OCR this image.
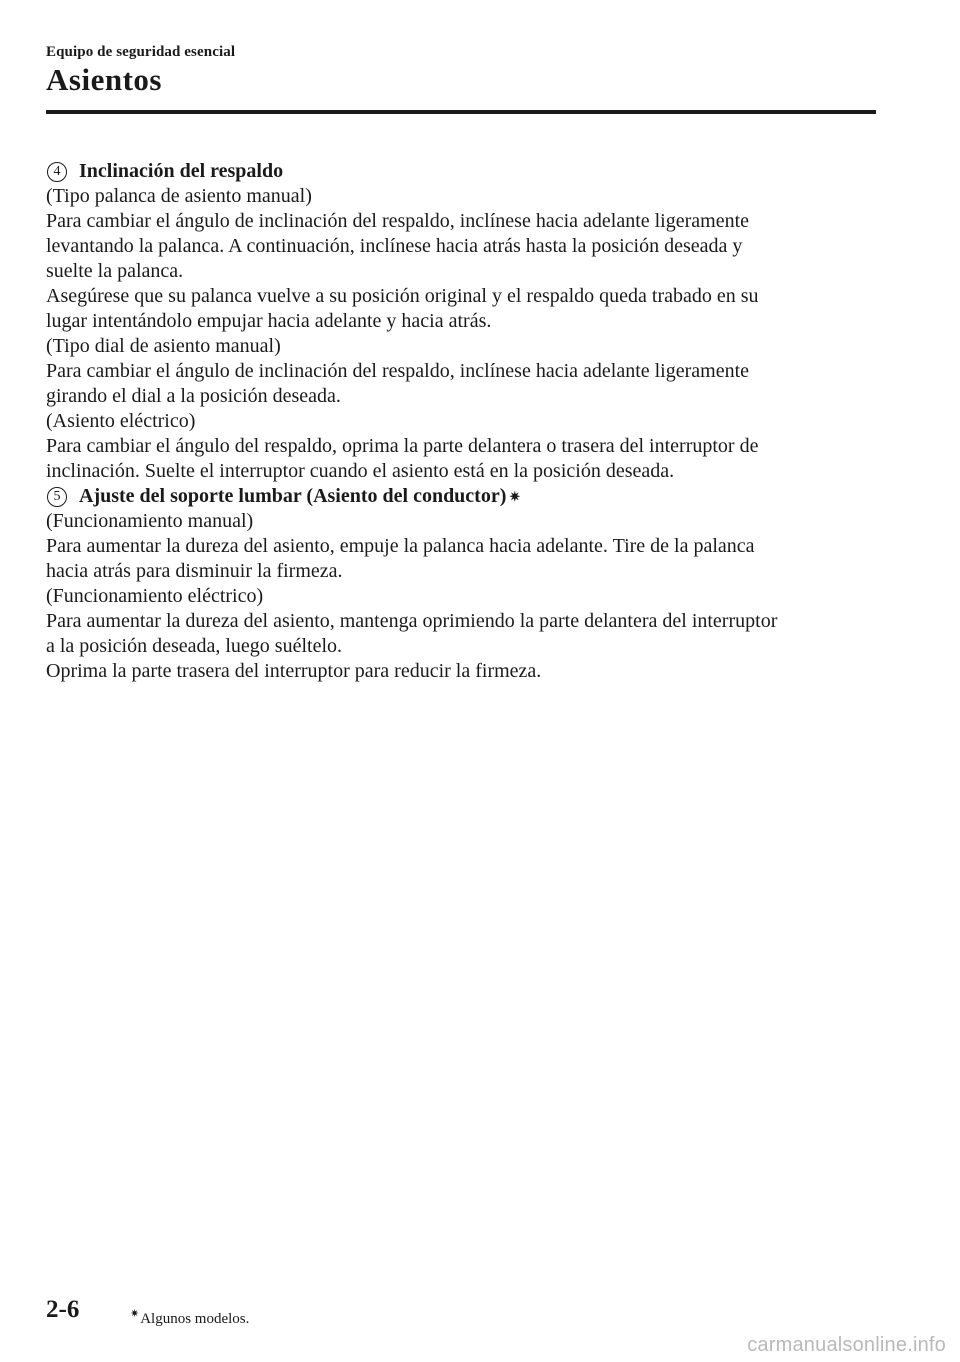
Equipo de seguridad esencial
Asientos
4 Inclinación del respaldo
(Tipo palanca de asiento manual)
Para cambiar el ángulo de inclinación del respaldo, inclínese hacia adelante ligeramente
levantando la palanca. A continuación, inclínese hacia atrás hasta la posición deseada y
suelte la palanca.
Asegúrese que su palanca vuelve a su posición original y el respaldo queda trabado en su
lugar intentándolo empujar hacia adelante y hacia atrás.
(Tipo dial de asiento manual)
Para cambiar el ángulo de inclinación del respaldo, inclínese hacia adelante ligeramente
girando el dial a la posición deseada.
(Asiento eléctrico)
Para cambiar el ángulo del respaldo, oprima la parte delantera o trasera del interruptor de
inclinación. Suelte el interruptor cuando el asiento está en la posición deseada.
5 Ajuste del soporte lumbar (Asiento del conductor) ✷
(Funcionamiento manual)
Para aumentar la dureza del asiento, empuje la palanca hacia adelante. Tire de la palanca
hacia atrás para disminuir la firmeza.
(Funcionamiento eléctrico)
Para aumentar la dureza del asiento, mantenga oprimiendo la parte delantera del interruptor
a la posición deseada, luego suéltelo.
Oprima la parte trasera del interruptor para reducir la firmeza.
2-6	✷Algunos modelos.
carmanualsonline.info
